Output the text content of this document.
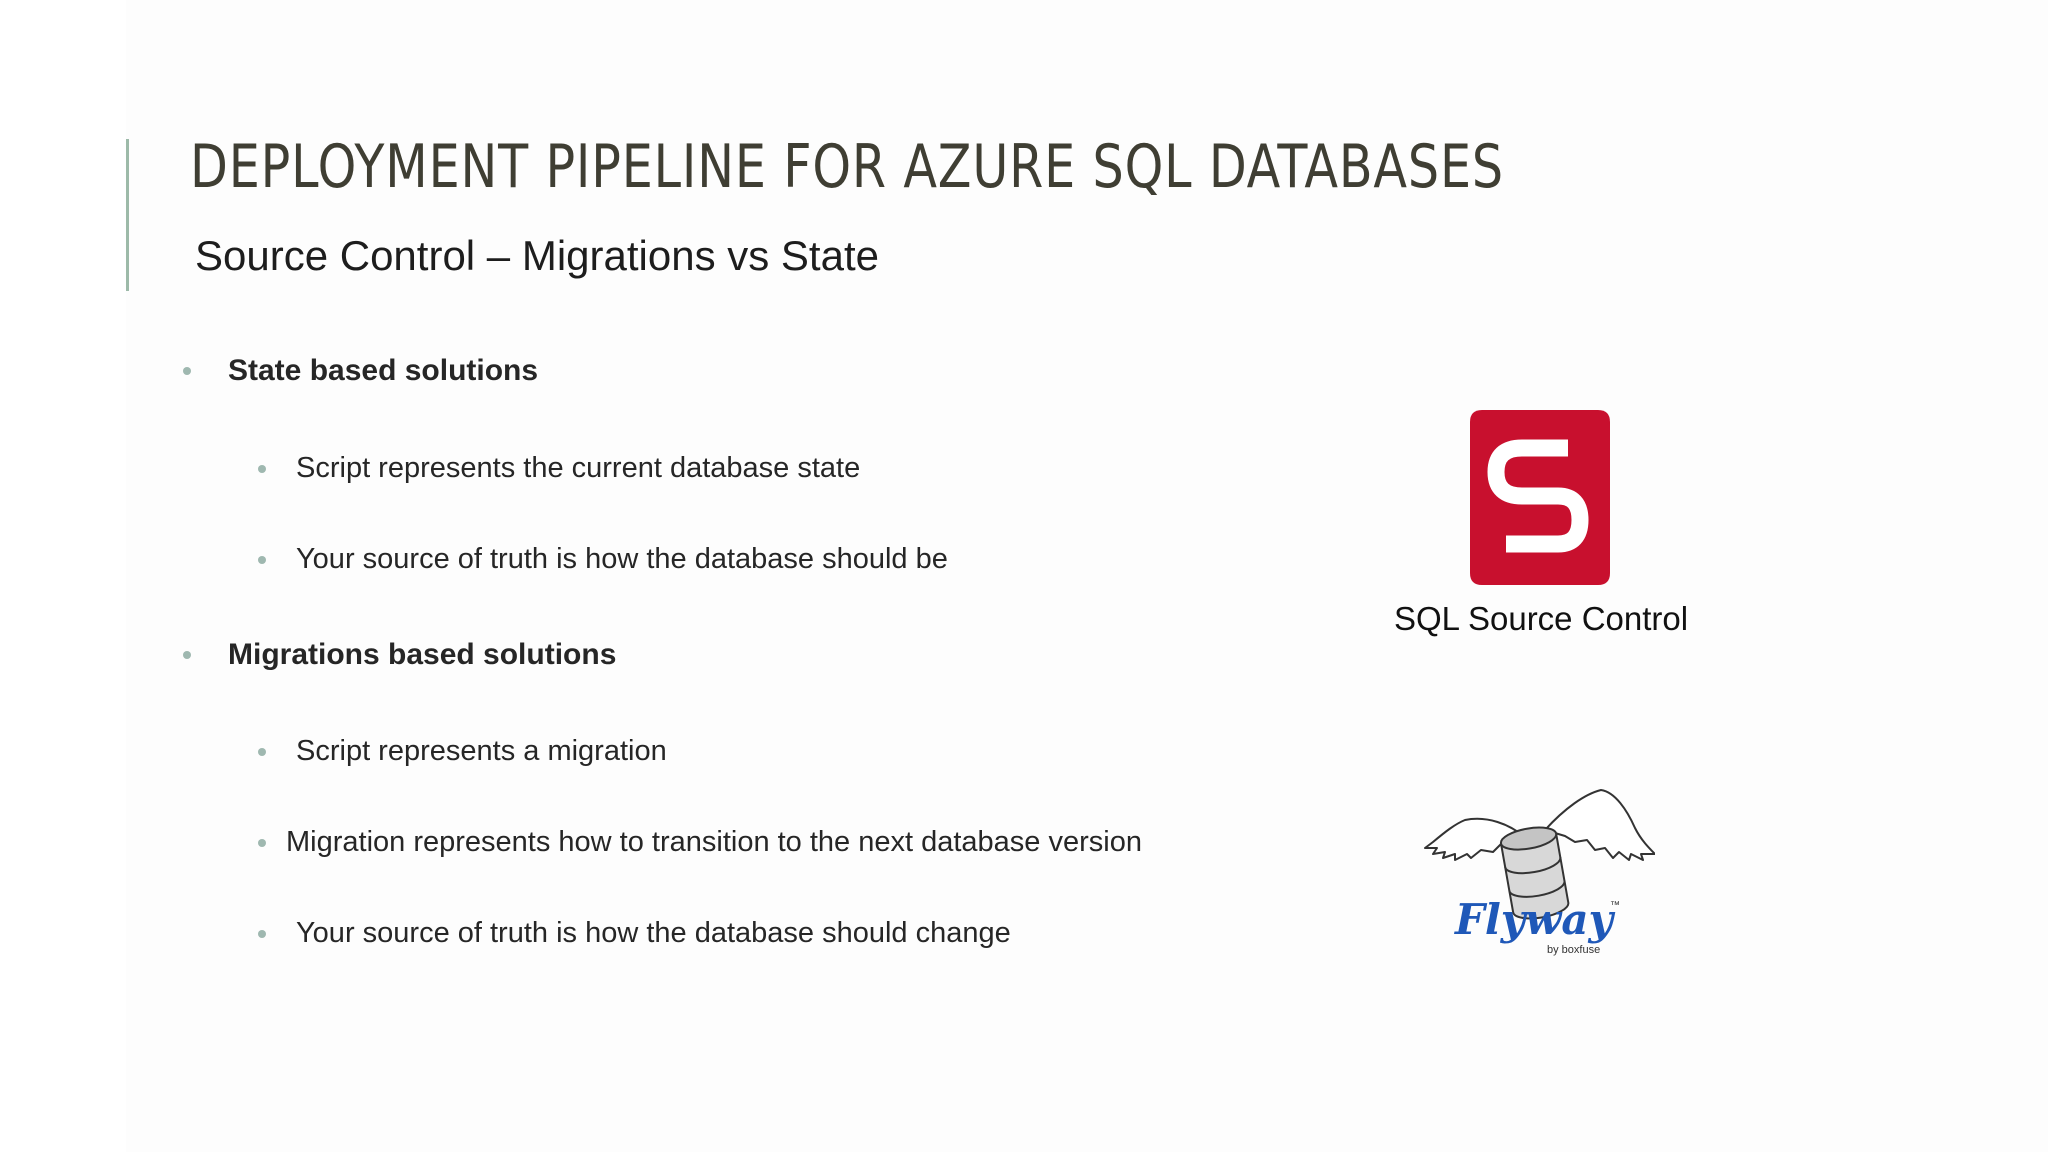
DEPLOYMENT PIPELINE FOR AZURE SQL DATABASES
Source Control – Migrations vs State
State based solutions
Script represents the current database state
Your source of truth is how the database should be
Migrations based solutions
Script represents a migration
Migration represents how to transition to the next database version
Your source of truth is how the database should change
SQL Source Control
Flyway
™
by boxfuse
